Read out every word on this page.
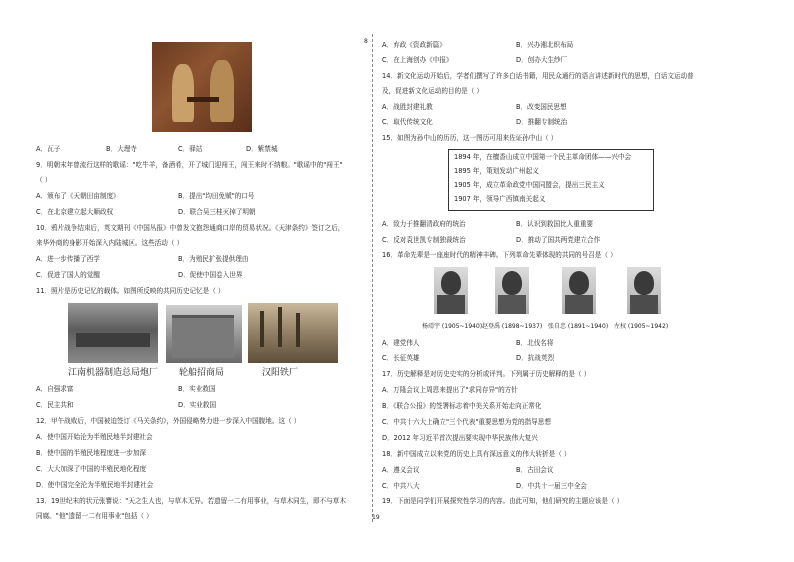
A．瓦子	B．大理寺	C．驿站	D．紫禁城
9．明朝末年曾流行这样的歌谣："吃牛羊，备酒肴，开了城门迎闯王，闯王来时不纳粮。"歌谣中的"闯王"
（ ）
A．颁布了《天朝田亩制度》	B．提出"均田免赋"的口号
C．在北京建立起大顺政权	D．联合吴三桂灭掉了明朝
10．鸦片战争结束后，英文期刊《中国丛报》中曾发文抱怨通商口岸的贸易状况。《天津条约》签订之后，
来华外商的身影开始深入内陆城区。这些活动（ ）
A．进一步传播了西学	B．为殖民扩张提供理由
C．促进了国人的觉醒	D．促使中国卷入世界
11．照片是历史记忆的载体。如图所反映的共同历史记忆是（ ）
江南机器制造总局炮厂 轮船招商局	汉阳铁厂
A．自强求富	B．实业救国
C．民主共和	D．实业救国
12．甲午战败后，中国被迫签订《马关条约》，外国侵略势力进一步深入中国腹地。这（ ）
A．使中国开始沦为半殖民地半封建社会
B．使中国的半殖民地程度进一步加深
C．大大加深了中国的半殖民地化程度
D．使中国完全沦为半殖民地半封建社会
13．19世纪末的状元张謇说："天之生人也，与草木无异。若遗留一二有用事业，与草木同生，即不与草木
同腐。"他"遗留一二有用事业"包括（ ）
8 A．弃政《资政新篇》	B．兴办湘北织布局
C．在上海创办《申报》	D．创办大生纱厂
14．新文化运动开始后，学者们撰写了许多白话书籍，用民众通行的语言讲述新时代的思想，白话文运动普
及，促进新文化运动的目的是（ ）
A．战胜封建礼教	B．改变国民思想
C．取代传统文化	D．推翻专制统治
15．如图为孙中山的历历，这一图历可用来佐证孙中山（ ）
1894 年，在檀香山成立中国第一个民主革命团体——兴中会
1895 年，策划发动广州起义
1905 年，成立革命政党中国同盟会，提出三民主义
1907 年，领导广西镇南关起义
A．致力于推翻清政府的统治	B．认识到救国比人重重要
C．反对袁世凯专制独裁统治	D．推动了国共两党建立合作
16．革命先辈是一座座时代的精神丰碑。下列革命先辈体现的共同的号召是（ ）
杨靖宇 (1905~1940) 赵登禹 (1898~1937) 张自忠 (1891~1940) 左权 (1905~1942)
A．建党伟人	B．北伐名将
C．长征英雄	D．抗战英烈
17．历史解释是对历史史实的分析或评判。下列属于历史解释的是（ ）
A．万隆会议上周恩来提出了"求同存异"的方针
B．《联合公报》的签署标志着中美关系开始走向正常化
C．中共十六大上确立"三个代表"重要思想为党的指导思想
D．2012 年习近平首次提出要实现中华民族伟大复兴
18．新中国成立以来党的历史上具有深远意义的伟大转折是（ ）
A．遵义会议	B．古田会议
C．中共八大	D．中共十一届三中全会
19．下面是同学们开展探究性学习的内容。由此可知，他们研究的主题应该是（ ）
19
